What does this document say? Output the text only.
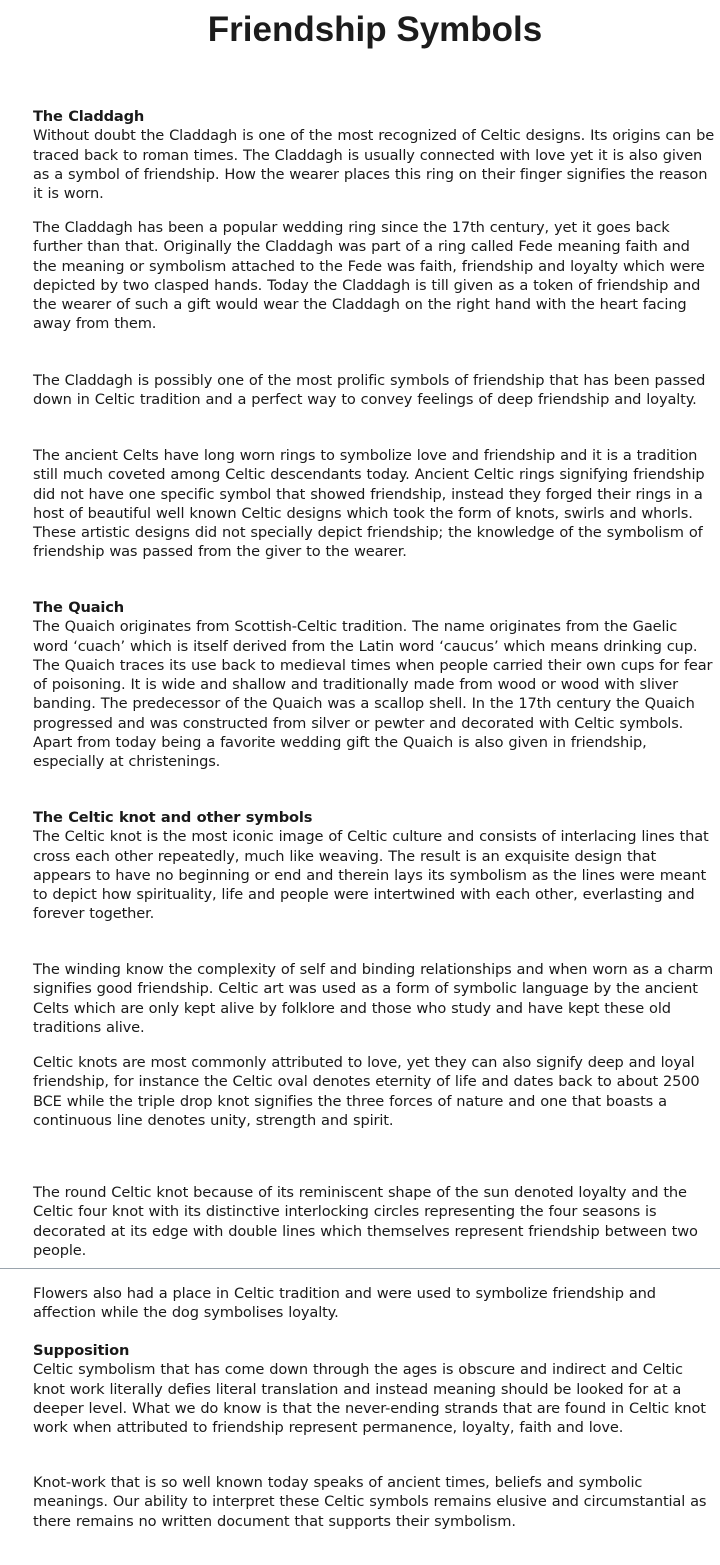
Friendship Symbols
The Claddagh
Without doubt the Claddagh is one of the most recognized of Celtic designs. Its origins can be traced back to roman times. The Claddagh is usually connected with love yet it is also given as a symbol of friendship. How the wearer places this ring on their finger signifies the reason it is worn.

The Claddagh has been a popular wedding ring since the 17th century, yet it goes back further than that. Originally the Claddagh was part of a ring called Fede meaning faith and the meaning or symbolism attached to the Fede was faith, friendship and loyalty which were depicted by two clasped hands. Today the Claddagh is till given as a token of friendship and the wearer of such a gift would wear the Claddagh on the right hand with the heart facing away from them.

The Claddagh is possibly one of the most prolific symbols of friendship that has been passed down in Celtic tradition and a perfect way to convey feelings of deep friendship and loyalty.

The ancient Celts have long worn rings to symbolize love and friendship and it is a tradition still much coveted among Celtic descendants today. Ancient Celtic rings signifying friendship did not have one specific symbol that showed friendship, instead they forged their rings in a host of beautiful well known Celtic designs which took the form of knots, swirls and whorls. These artistic designs did not specially depict friendship; the knowledge of the symbolism of friendship was passed from the giver to the wearer.

The Quaich
The Quaich originates from Scottish-Celtic tradition. The name originates from the Gaelic word ‘cuach’ which is itself derived from the Latin word ‘caucus’ which means drinking cup. The Quaich traces its use back to medieval times when people carried their own cups for fear of poisoning. It is wide and shallow and traditionally made from wood or wood with sliver banding. The predecessor of the Quaich was a scallop shell. In the 17th century the Quaich progressed and was constructed from silver or pewter and decorated with Celtic symbols. Apart from today being a favorite wedding gift the Quaich is also given in friendship, especially at christenings.
The Celtic knot and other symbols
The Celtic knot is the most iconic image of Celtic culture and consists of interlacing lines that cross each other repeatedly, much like weaving. The result is an exquisite design that appears to have no beginning or end and therein lays its symbolism as the lines were meant to depict how spirituality, life and people were intertwined with each other, everlasting and forever together.

The winding know the complexity of self and binding relationships and when worn as a charm signifies good friendship. Celtic art was used as a form of symbolic language by the ancient Celts which are only kept alive by folklore and those who study and have kept these old traditions alive.

Celtic knots are most commonly attributed to love, yet they can also signify deep and loyal friendship, for instance the Celtic oval denotes eternity of life and dates back to about 2500 BCE while the triple drop knot signifies the three forces of nature and one that boasts a continuous line denotes unity, strength and spirit.

The round Celtic knot because of its reminiscent shape of the sun denoted loyalty and the Celtic four knot with its distinctive interlocking circles representing the four seasons is decorated at its edge with double lines which themselves represent friendship between two people.

Flowers also had a place in Celtic tradition and were used to symbolize friendship and affection while the dog symbolises loyalty.

Supposition
Celtic symbolism that has come down through the ages is obscure and indirect and Celtic knot work literally defies literal translation and instead meaning should be looked for at a deeper level. What we do know is that the never-ending strands that are found in Celtic knot work when attributed to friendship represent permanence, loyalty, faith and love.

Knot-work that is so well known today speaks of ancient times, beliefs and symbolic meanings. Our ability to interpret these Celtic symbols remains elusive and circumstantial as there remains no written document that supports their symbolism.
